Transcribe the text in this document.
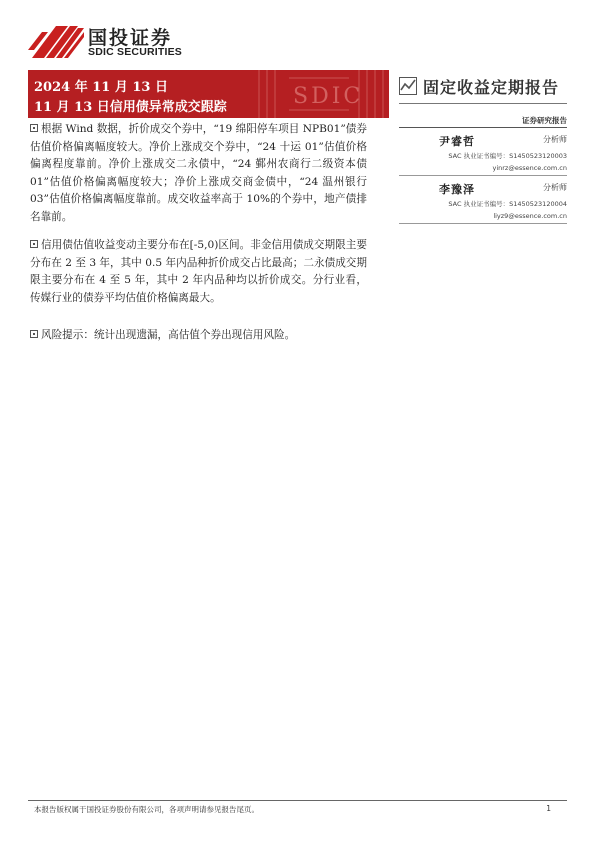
国投证券
SDIC SECURITIES
SDIC
2024 年 11 月 13 日
11 月 13 日信用债异常成交跟踪
固定收益定期报告
证券研究报告
尹睿哲	分析师
SAC 执业证书编号：S1450523120003
yinrz@essence.com.cn
李豫泽	分析师
SAC 执业证书编号：S1450523120004
liyz9@essence.com.cn
根据 Wind 数据，折价成交个券中，“19 绵阳停车项目 NPB01”债券估值价格偏离幅度较大。净价上涨成交个券中，“24 十运 01”估值价格偏离程度靠前。净价上涨成交二永债中，“24 鄞州农商行二级资本债 01”估值价格偏离幅度较大；净价上涨成交商金债中，“24 温州银行 03”估值价格偏离幅度靠前。成交收益率高于 10%的个券中，地产债排名靠前。
信用债估值收益变动主要分布在[-5,0)区间。非金信用债成交期限主要分布在 2 至 3 年，其中 0.5 年内品种折价成交占比最高；二永债成交期限主要分布在 4 至 5 年，其中 2 年内品种均以折价成交。分行业看，传媒行业的债券平均估值价格偏离最大。
风险提示：统计出现遗漏，高估值个券出现信用风险。
本报告版权属于国投证券股份有限公司，各项声明请参见报告尾页。	1
